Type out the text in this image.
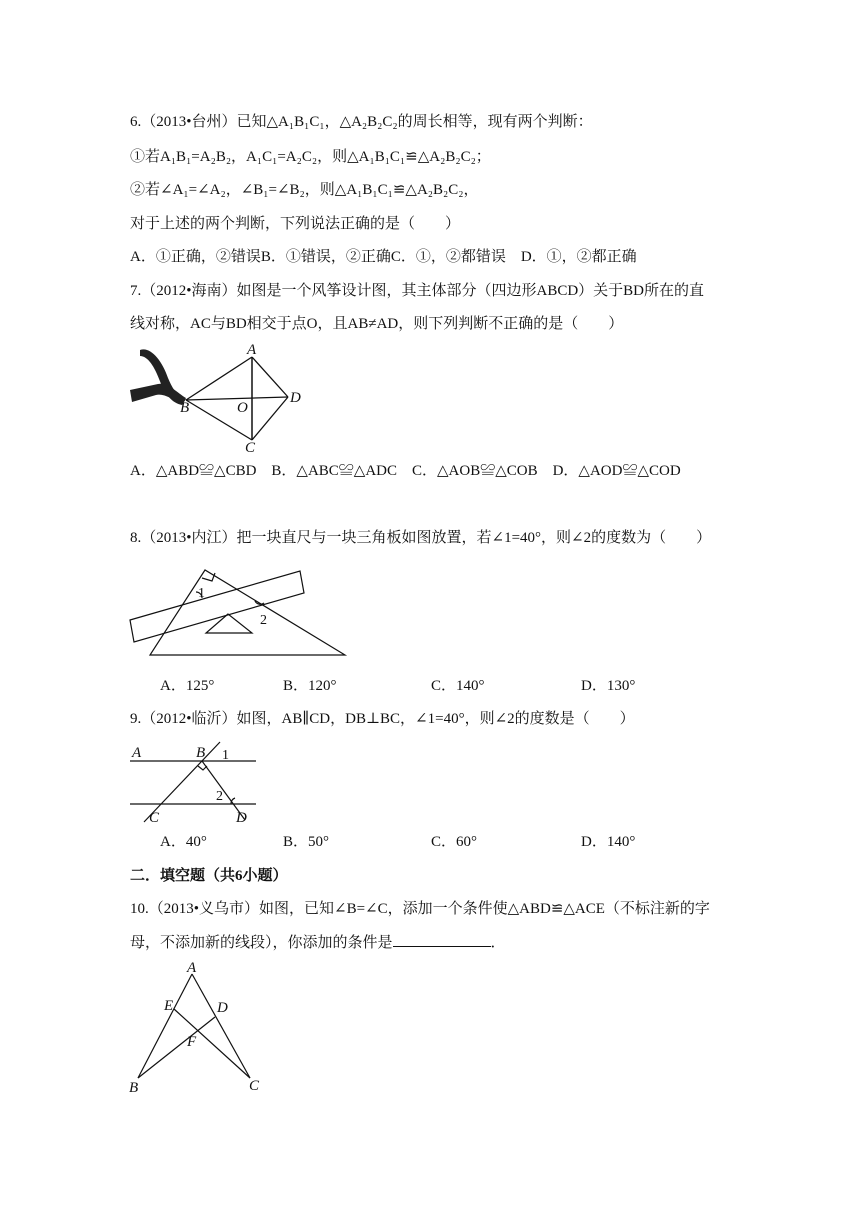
6.（2013•台州）已知△A₁B₁C₁，△A₂B₂C₂的周长相等，现有两个判断：
①若A₁B₁=A₂B₂，A₁C₁=A₂C₂，则△A₁B₁C₁≌△A₂B₂C₂；
②若∠A₁=∠A₂，∠B₁=∠B₂，则△A₁B₁C₁≌△A₂B₂C₂，
对于上述的两个判断，下列说法正确的是（　　）
A．①正确，②错误B．①错误，②正确C．①，②都错误　D．①，②都正确
7.（2012•海南）如图是一个风筝设计图，其主体部分（四边形ABCD）关于BD所在的直
线对称，AC与BD相交于点O，且AB≠AD，则下列判断不正确的是（　　）
A
B	O
D
C
A．△ABD≌△CBD　B．△ABC≌△ADC　C．△AOB≌△COB　D．△AOD≌△COD
8.（2013•内江）把一块直尺与一块三角板如图放置，若∠1=40°，则∠2的度数为（　　）
1
2
A．125°	B．120°	C．140°	D．130°
9.（2012•临沂）如图，AB∥CD，DB⊥BC，∠1=40°，则∠2的度数是（　　）
A	B 1
2
C	D
A．40°	B．50°	C．60°	D．140°
二．填空题（共6小题）
10.（2013•义乌市）如图，已知∠B=∠C，添加一个条件使△ABD≌△ACE（不标注新的字
母，不添加新的线段），你添加的条件是	．
A
E	D
F
B	C
